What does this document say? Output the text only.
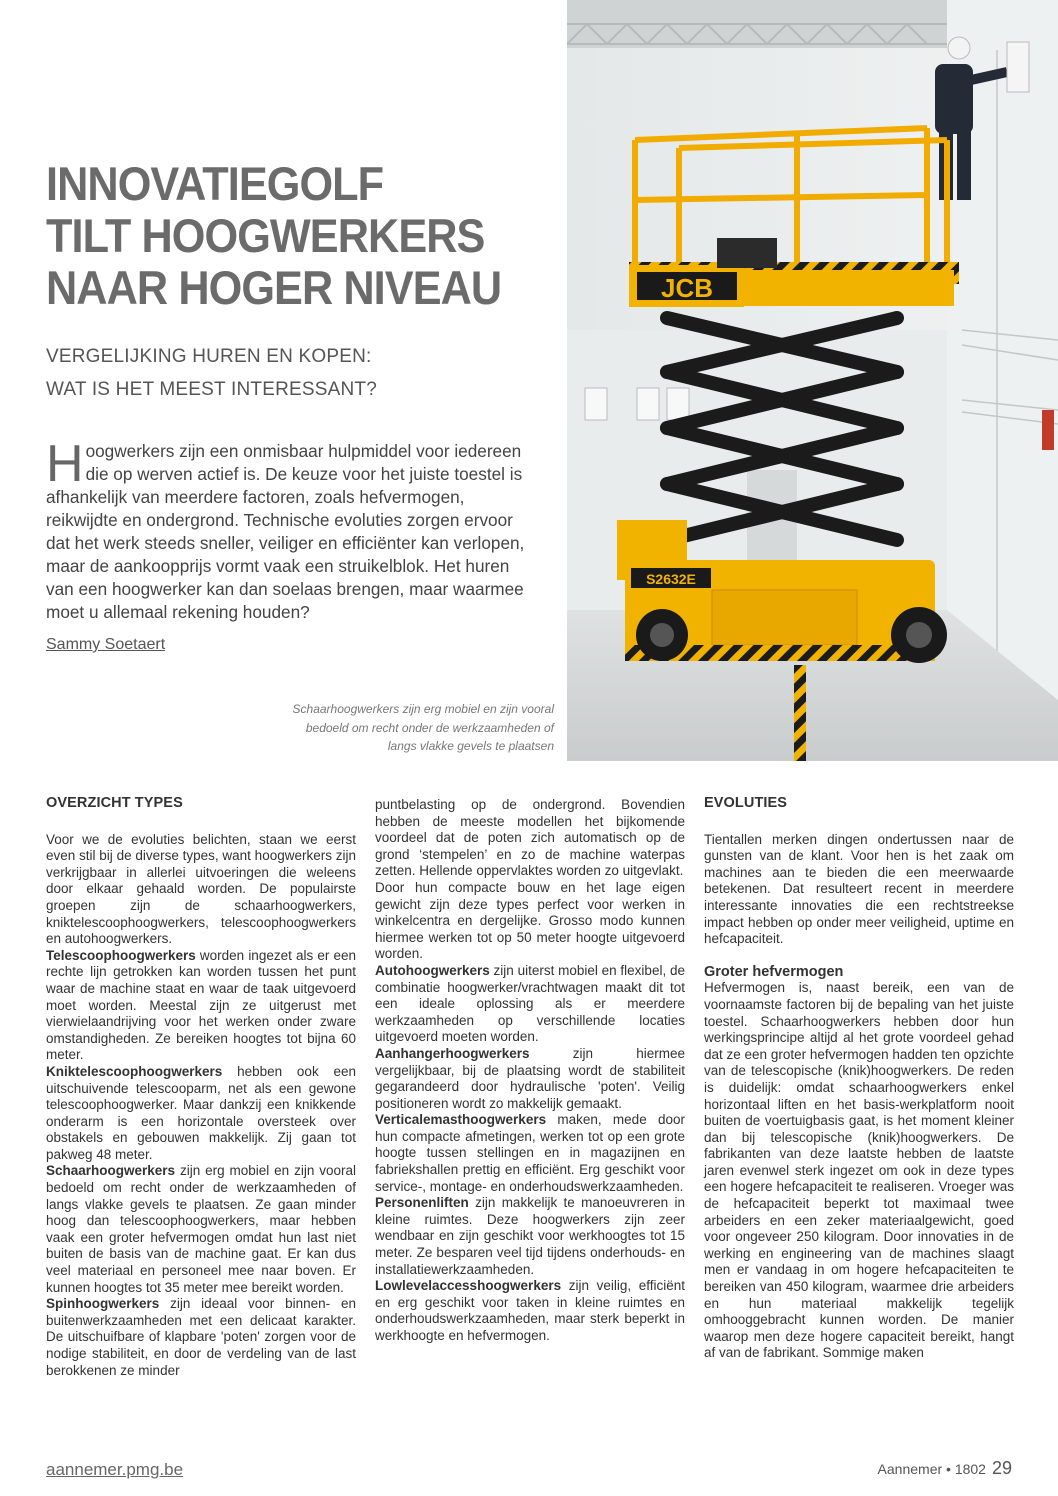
INNOVATIEGOLF
TILT HOOGWERKERS
NAAR HOGER NIVEAU
VERGELIJKING HUREN EN KOPEN:
WAT IS HET MEEST INTERESSANT?
Hoogwerkers zijn een onmisbaar hulpmiddel voor iedereen die op werven actief is. De keuze voor het juiste toestel is afhankelijk van meerdere factoren, zoals hefvermogen, reikwijdte en ondergrond. Technische evoluties zorgen ervoor dat het werk steeds sneller, veiliger en efficiënter kan verlopen, maar de aankoopprijs vormt vaak een struikelblok. Het huren van een hoogwerker kan dan soelaas brengen, maar waarmee moet u allemaal rekening houden?
Sammy Soetaert
Schaarhoogwerkers zijn erg mobiel en zijn vooral bedoeld om recht onder de werkzaamheden of langs vlakke gevels te plaatsen
JCB
S2632E
OVERZICHT TYPES

Voor we de evoluties belichten, staan we eerst even stil bij de diverse types, want hoogwerkers zijn verkrijgbaar in allerlei uitvoeringen die weleens door elkaar gehaald worden. De populairste groepen zijn de schaarhoogwerkers, kniktelescoophoogwerkers, telescoophoogwerkers en autohoogwerkers.

Telescoophoogwerkers worden ingezet als er een rechte lijn getrokken kan worden tussen het punt waar de machine staat en waar de taak uitgevoerd moet worden. Meestal zijn ze uitgerust met vierwielaandrijving voor het werken onder zware omstandigheden. Ze bereiken hoogtes tot bijna 60 meter.

Kniktelescoophoogwerkers hebben ook een uitschuivende telescooparm, net als een gewone telescoophoogwerker. Maar dankzij een knikkende onderarm is een horizontale oversteek over obstakels en gebouwen makkelijk. Zij gaan tot pakweg 48 meter.

Schaarhoogwerkers zijn erg mobiel en zijn vooral bedoeld om recht onder de werkzaamheden of langs vlakke gevels te plaatsen. Ze gaan minder hoog dan telescoophoogwerkers, maar hebben vaak een groter hefvermogen omdat hun last niet buiten de basis van de machine gaat. Er kan dus veel materiaal en personeel mee naar boven. Er kunnen hoogtes tot 35 meter mee bereikt worden.

Spinhoogwerkers zijn ideaal voor binnen- en buitenwerkzaamheden met een delicaat karakter. De uitschuifbare of klapbare 'poten' zorgen voor de nodige stabiliteit, en door de verdeling van de last berokkenen ze minder

puntbelasting op de ondergrond. Bovendien hebben de meeste modellen het bijkomende voordeel dat de poten zich automatisch op de grond ‘stempelen’ en zo de machine waterpas zetten. Hellende oppervlaktes worden zo uitgevlakt.

Door hun compacte bouw en het lage eigen gewicht zijn deze types perfect voor werken in winkelcentra en dergelijke. Grosso modo kunnen hiermee werken tot op 50 meter hoogte uitgevoerd worden.

Autohoogwerkers zijn uiterst mobiel en flexibel, de combinatie hoogwerker/vrachtwagen maakt dit tot een ideale oplossing als er meerdere werkzaamheden op verschillende locaties uitgevoerd moeten worden.

Aanhangerhoogwerkers zijn hiermee vergelijkbaar, bij de plaatsing wordt de stabiliteit gegarandeerd door hydraulische 'poten'. Veilig positioneren wordt zo makkelijk gemaakt.

Verticalemasthoogwerkers maken, mede door hun compacte afmetingen, werken tot op een grote hoogte tussen stellingen en in magazijnen en fabriekshallen prettig en efficiënt. Erg geschikt voor service-, montage- en onderhoudswerkzaamheden.

Personenliften zijn makkelijk te manoeuvreren in kleine ruimtes. Deze hoogwerkers zijn zeer wendbaar en zijn geschikt voor werkhoogtes tot 15 meter. Ze besparen veel tijd tijdens onderhouds- en installatiewerkzaamheden.

Lowlevelaccesshoogwerkers zijn veilig, efficiënt en erg geschikt voor taken in kleine ruimtes en onderhoudswerkzaamheden, maar sterk beperkt in werkhoogte en hefvermogen.

EVOLUTIES

Tientallen merken dingen ondertussen naar de gunsten van de klant. Voor hen is het zaak om machines aan te bieden die een meerwaarde betekenen. Dat resulteert recent in meerdere interessante innovaties die een rechtstreekse impact hebben op onder meer veiligheid, uptime en hefcapaciteit.

Groter hefvermogen

Hefvermogen is, naast bereik, een van de voornaamste factoren bij de bepaling van het juiste toestel. Schaarhoogwerkers hebben door hun werkingsprincipe altijd al het grote voordeel gehad dat ze een groter hefvermogen hadden ten opzichte van de telescopische (knik)hoogwerkers. De reden is duidelijk: omdat schaarhoogwerkers enkel horizontaal liften en het basis-werkplatform nooit buiten de voertuigbasis gaat, is het moment kleiner dan bij telescopische (knik)hoogwerkers. De fabrikanten van deze laatste hebben de laatste jaren evenwel sterk ingezet om ook in deze types een hogere hefcapaciteit te realiseren. Vroeger was de hefcapaciteit beperkt tot maximaal twee arbeiders en een zeker materiaalgewicht, goed voor ongeveer 250 kilogram. Door innovaties in de werking en engineering van de machines slaagt men er vandaag in om hogere hefcapaciteiten te bereiken van 450 kilogram, waarmee drie arbeiders en hun materiaal makkelijk tegelijk omhooggebracht kunnen worden. De manier waarop men deze hogere capaciteit bereikt, hangt af van de fabrikant. Sommige maken

aannemer.pmg.be	Aannemer • 1802 29
